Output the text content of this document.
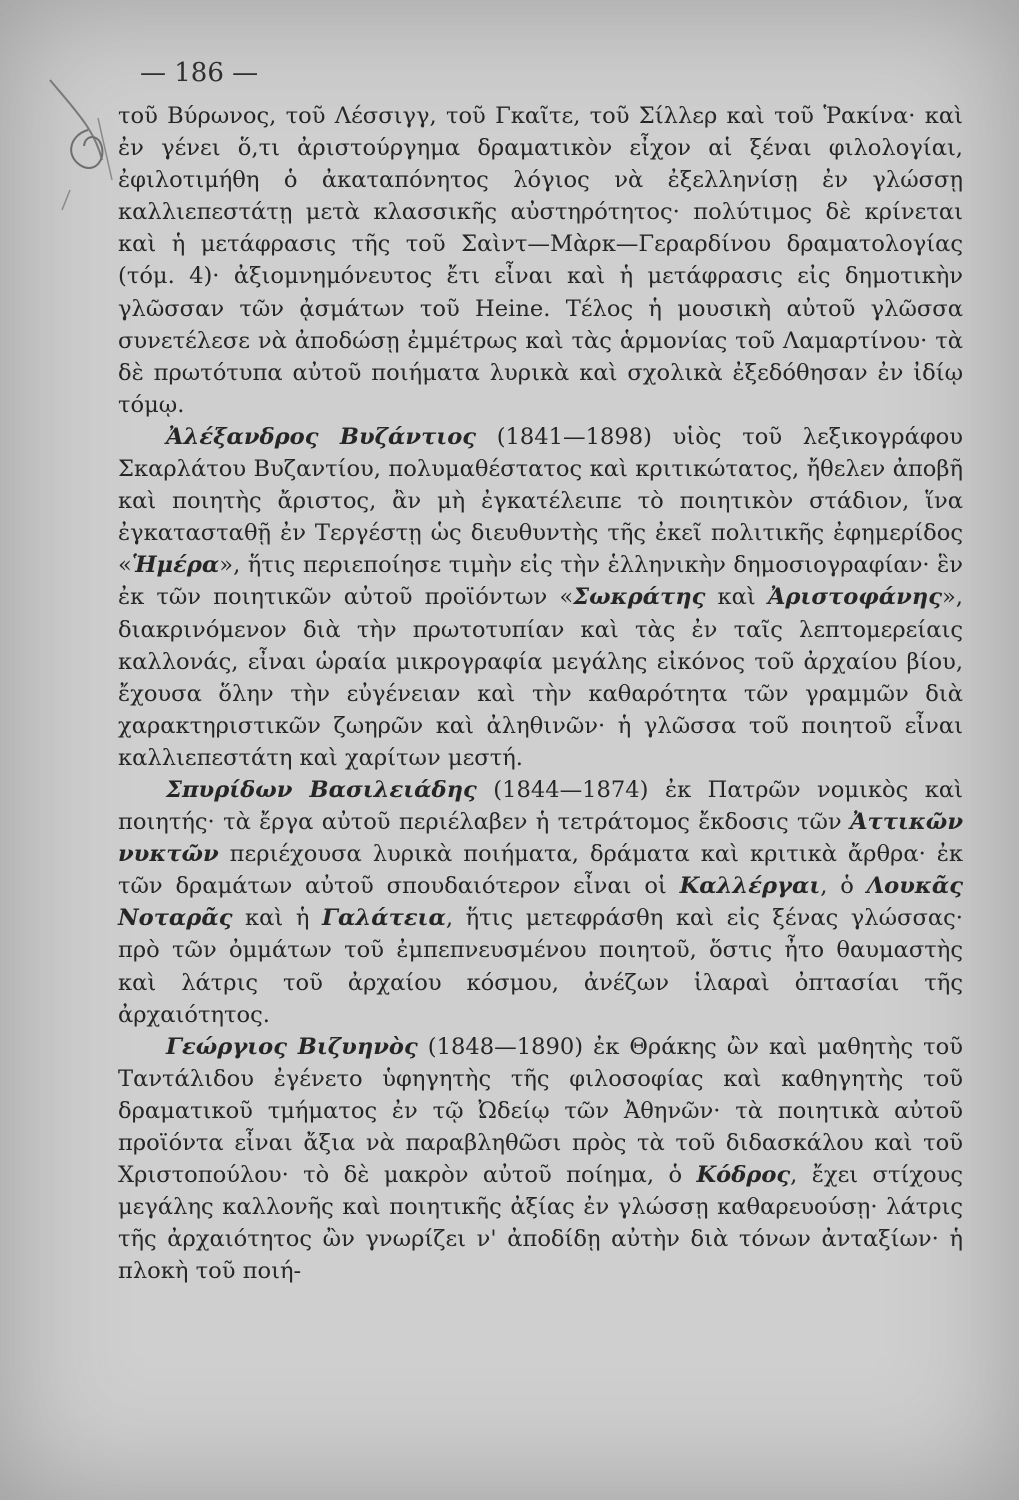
— 186 —

τοῦ Βύρωνος, τοῦ Λέσσιγγ, τοῦ Γκαῖτε, τοῦ Σίλλερ καὶ τοῦ Ῥακίνα· καὶ ἐν γένει ὅ,τι ἀριστούργημα δραματικὸν εἶχον αἱ ξέναι φιλολογίαι, ἐφιλοτιμήθη ὁ ἀκαταπόνητος λόγιος νὰ ἐξελληνίσῃ ἐν γλώσσῃ καλλιεπεστάτῃ μετὰ κλασσικῆς αὐστηρότητος· πολύτιμος δὲ κρίνεται καὶ ἡ μετάφρασις τῆς τοῦ Σαὶντ—Μὰρκ—Γεραρδίνου δραματολογίας (τόμ. 4)· ἀξιομνημόνευτος ἔτι εἶναι καὶ ἡ μετάφρασις εἰς δημοτικὴν γλῶσσαν τῶν ᾀσμάτων τοῦ Heine. Τέλος ἡ μουσικὴ αὐτοῦ γλῶσσα συνετέλεσε νὰ ἀποδώσῃ ἐμμέτρως καὶ τὰς ἁρμονίας τοῦ Λαμαρτίνου· τὰ δὲ πρωτότυπα αὐτοῦ ποιήματα λυρικὰ καὶ σχολικὰ ἐξεδόθησαν ἐν ἰδίῳ τόμῳ.

Ἀλέξανδρος Βυζάντιος (1841—1898) υἱὸς τοῦ λεξικογράφου Σκαρλάτου Βυζαντίου, πολυμαθέστατος καὶ κριτικώτατος, ἤθελεν ἀποβῆ καὶ ποιητὴς ἄριστος, ἂν μὴ ἐγκατέλειπε τὸ ποιητικὸν στάδιον, ἵνα ἐγκατασταθῇ ἐν Τεργέστῃ ὡς διευθυντὴς τῆς ἐκεῖ πολιτικῆς ἐφημερίδος «Ἡμέρα», ἥτις περιεποίησε τιμὴν εἰς τὴν ἑλληνικὴν δημοσιογραφίαν· ἓν ἐκ τῶν ποιητικῶν αὐτοῦ προϊόντων «Σωκράτης καὶ Ἀριστοφάνης», διακρινόμενον διὰ τὴν πρωτοτυπίαν καὶ τὰς ἐν ταῖς λεπτομερείαις καλλονάς, εἶναι ὡραία μικρογραφία μεγάλης εἰκόνος τοῦ ἀρχαίου βίου, ἔχουσα ὅλην τὴν εὐγένειαν καὶ τὴν καθαρότητα τῶν γραμμῶν διὰ χαρακτηριστικῶν ζωηρῶν καὶ ἀληθινῶν· ἡ γλῶσσα τοῦ ποιητοῦ εἶναι καλλιεπεστάτη καὶ χαρίτων μεστή.

Σπυρίδων Βασιλειάδης (1844—1874) ἐκ Πατρῶν νομικὸς καὶ ποιητής· τὰ ἔργα αὐτοῦ περιέλαβεν ἡ τετράτομος ἔκδοσις τῶν Ἀττικῶν νυκτῶν περιέχουσα λυρικὰ ποιήματα, δράματα καὶ κριτικὰ ἄρθρα· ἐκ τῶν δραμάτων αὐτοῦ σπουδαιότερον εἶναι οἱ Καλλέργαι, ὁ Λουκᾶς Νοταρᾶς καὶ ἡ Γαλάτεια, ἥτις μετεφράσθη καὶ εἰς ξένας γλώσσας· πρὸ τῶν ὀμμάτων τοῦ ἐμπεπνευσμένου ποιητοῦ, ὅστις ἦτο θαυμαστὴς καὶ λάτρις τοῦ ἀρχαίου κόσμου, ἀνέζων ἱλαραὶ ὀπτασίαι τῆς ἀρχαιότητος.

Γεώργιος Βιζυηνὸς (1848—1890) ἐκ Θράκης ὢν καὶ μαθητὴς τοῦ Ταντάλιδου ἐγένετο ὑφηγητὴς τῆς φιλοσοφίας καὶ καθηγητὴς τοῦ δραματικοῦ τμήματος ἐν τῷ Ὠδείῳ τῶν Ἀθηνῶν· τὰ ποιητικὰ αὐτοῦ προϊόντα εἶναι ἄξια νὰ παραβληθῶσι πρὸς τὰ τοῦ διδασκάλου καὶ τοῦ Χριστοπούλου· τὸ δὲ μακρὸν αὐτοῦ ποίημα, ὁ Κόδρος, ἔχει στίχους μεγάλης καλλονῆς καὶ ποιητικῆς ἀξίας ἐν γλώσσῃ καθαρευούσῃ· λάτρις τῆς ἀρχαιότητος ὢν γνωρίζει ν' ἀποδίδῃ αὐτὴν διὰ τόνων ἀνταξίων· ἡ πλοκὴ τοῦ ποιή-
